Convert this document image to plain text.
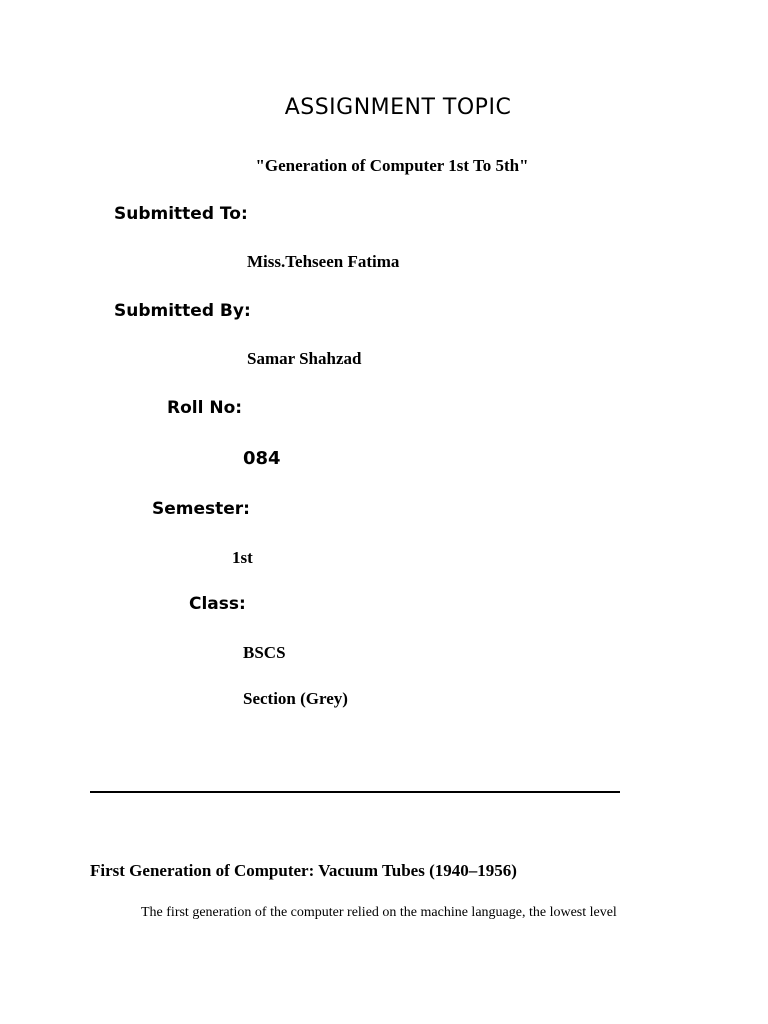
ASSIGNMENT TOPIC
"Generation of Computer 1st To 5th"
Submitted To:
Miss.Tehseen Fatima
Submitted By:
Samar Shahzad
Roll No:
084
Semester:
1st
Class:
BSCS
Section (Grey)
First Generation of Computer: Vacuum Tubes (1940–1956)
The first generation of the computer relied on the machine language, the lowest level
